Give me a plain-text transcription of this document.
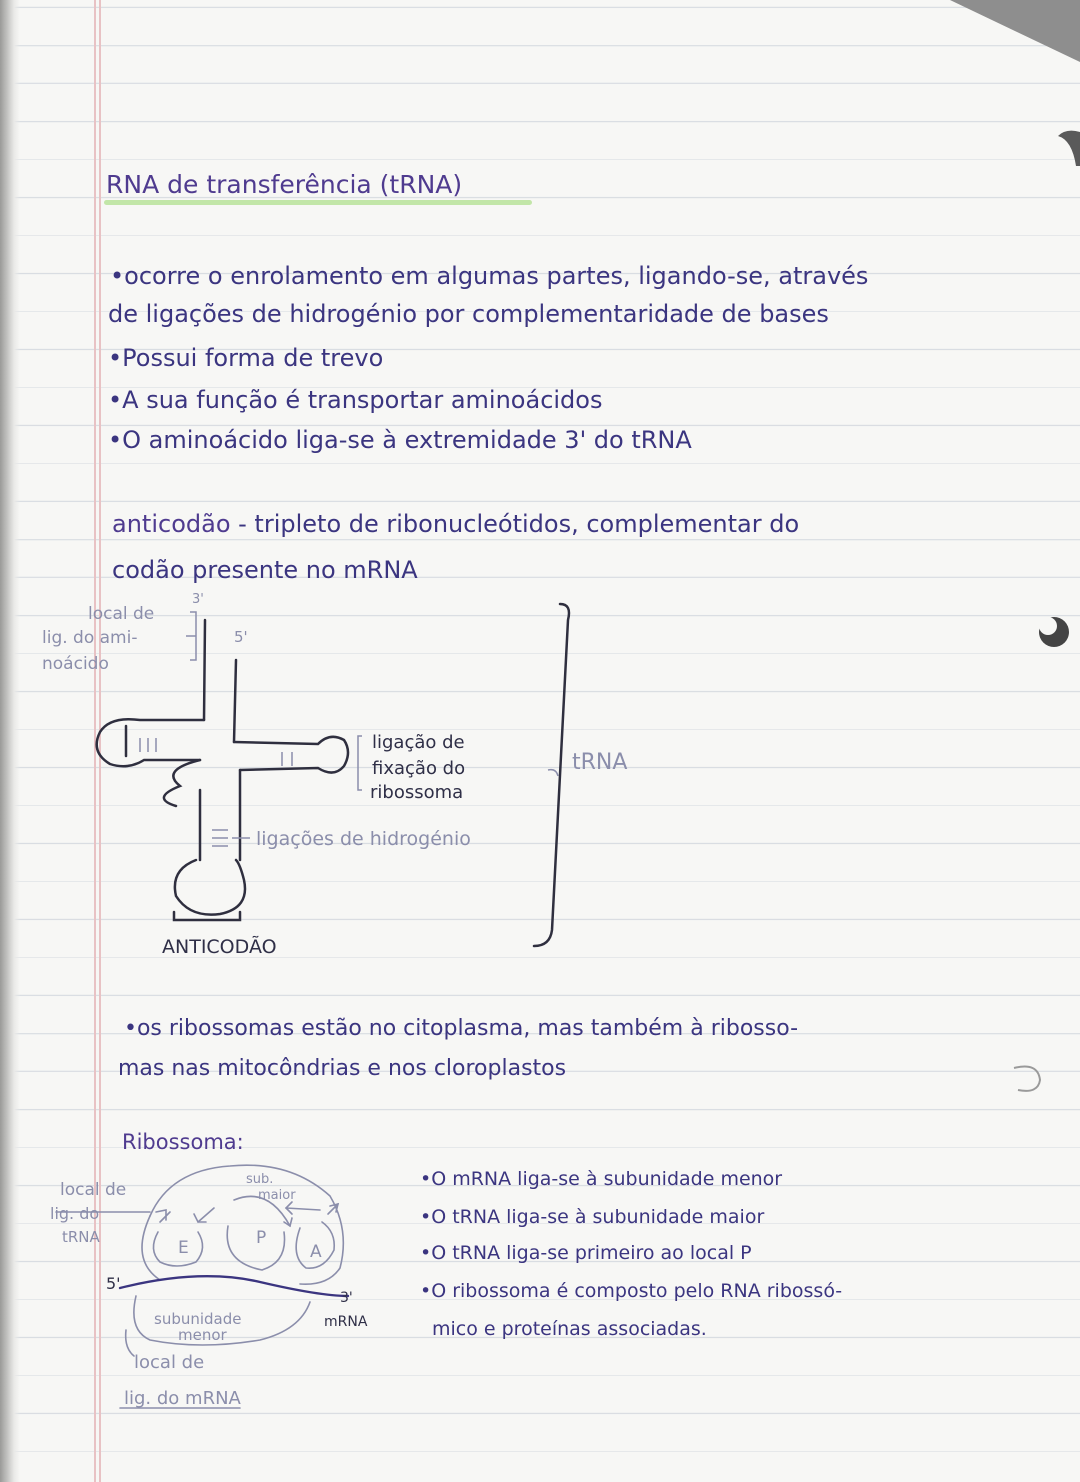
RNA de transferência (tRNA)
•ocorre o enrolamento em algumas partes, ligando-se, através
de ligações de hidrogénio por complementaridade de bases
•Possui forma de trevo
•A sua função é transportar aminoácidos
•O aminoácido liga-se à extremidade 3' do tRNA
anticodão - tripleto de ribonucleótidos, complementar do
codão presente no mRNA
local de
lig. do ami-
noácido
3'
5'
ligação de
fixação do
ribossoma
ligações de hidrogénio
ANTICODÃO
tRNA
•os ribossomas estão no citoplasma, mas também à ribosso-
mas nas mitocôndrias e nos cloroplastos
Ribossoma:
local de
lig. do
tRNA
sub.
maior
E	P
A
5'
3'
mRNA
subunidade
menor
local de
lig. do mRNA
•O mRNA liga-se à subunidade menor
•O tRNA liga-se à subunidade maior
•O tRNA liga-se primeiro ao local P
•O ribossoma é composto pelo RNA ribossó-
mico e proteínas associadas.
